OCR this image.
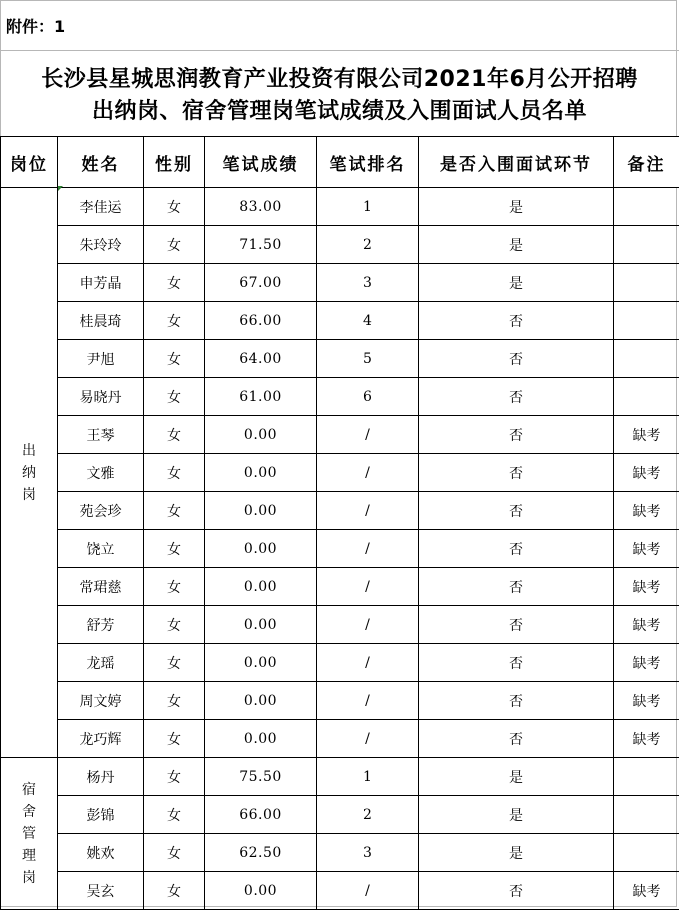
附件：1
长沙县星城思润教育产业投资有限公司2021年6月公开招聘
出纳岗、宿舍管理岗笔试成绩及入围面试人员名单
岗位	姓名	性别	笔试成绩	笔试排名	是否入围面试环节	备注

出
纳
岗	李佳运	女	83.00	1	是	
	朱玲玲	女	71.50	2	是	
	申芳晶	女	67.00	3	是	
	桂晨琦	女	66.00	4	否	
	尹旭	女	64.00	5	否	
	易晓丹	女	61.00	6	否	
	王琴	女	0.00	/	否	缺考
	文雅	女	0.00	/	否	缺考
	苑会珍	女	0.00	/	否	缺考
	饶立	女	0.00	/	否	缺考
	常珺慈	女	0.00	/	否	缺考
	舒芳	女	0.00	/	否	缺考
	龙瑶	女	0.00	/	否	缺考
	周文婷	女	0.00	/	否	缺考
	龙巧辉	女	0.00	/	否	缺考

宿
舍
管
理
岗	杨丹	女	75.50	1	是	
	彭锦	女	66.00	2	是	
	姚欢	女	62.50	3	是	
	吴玄	女	0.00	/	否	缺考
